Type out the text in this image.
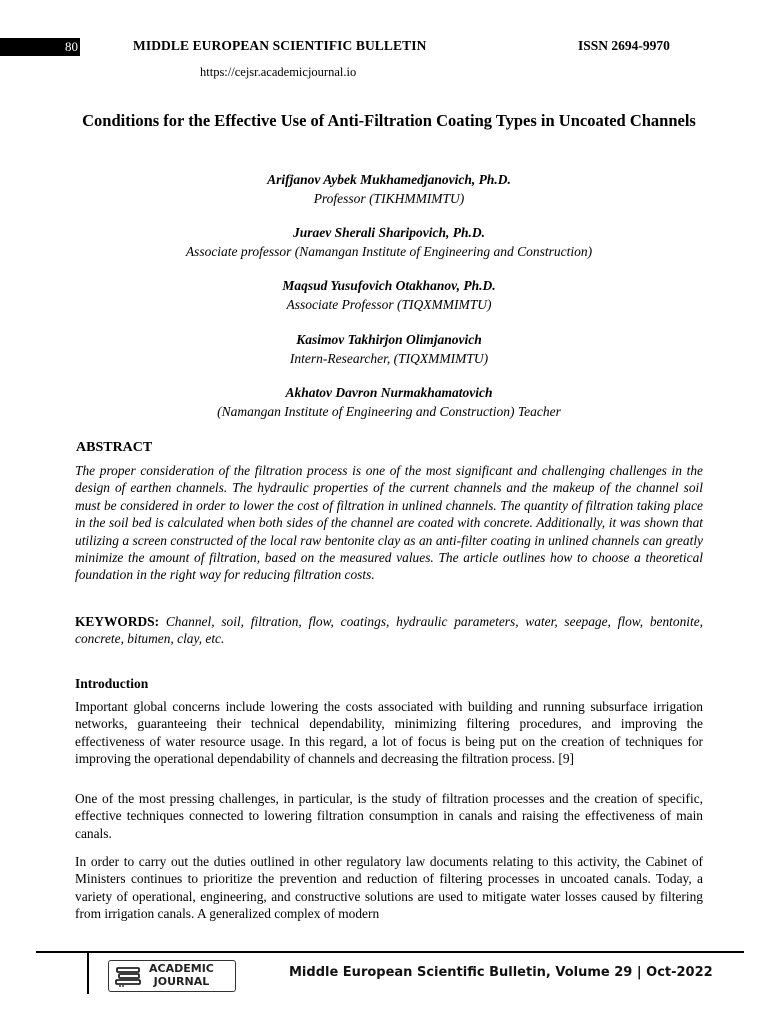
80	MIDDLE EUROPEAN SCIENTIFIC BULLETIN	ISSN 2694-9970
https://cejsr.academicjournal.io
Conditions for the Effective Use of Anti-Filtration Coating Types in Uncoated Channels
Arifjanov Aybek Mukhamedjanovich, Ph.D.
Professor (TIKHMMIMTU)
Juraev Sherali Sharipovich, Ph.D.
Associate professor (Namangan Institute of Engineering and Construction)
Maqsud Yusufovich Otakhanov, Ph.D.
Associate Professor (TIQXMMIMTU)
Kasimov Takhirjon Olimjanovich
Intern-Researcher, (TIQXMMIMTU)
Akhatov Davron Nurmakhamatovich
(Namangan Institute of Engineering and Construction) Teacher
ABSTRACT
The proper consideration of the filtration process is one of the most significant and challenging challenges in the design of earthen channels. The hydraulic properties of the current channels and the makeup of the channel soil must be considered in order to lower the cost of filtration in unlined channels. The quantity of filtration taking place in the soil bed is calculated when both sides of the channel are coated with concrete. Additionally, it was shown that utilizing a screen constructed of the local raw bentonite clay as an anti-filter coating in unlined channels can greatly minimize the amount of filtration, based on the measured values. The article outlines how to choose a theoretical foundation in the right way for reducing filtration costs.
KEYWORDS: Channel, soil, filtration, flow, coatings, hydraulic parameters, water, seepage, flow, bentonite, concrete, bitumen, clay, etc.
Introduction
Important global concerns include lowering the costs associated with building and running subsurface irrigation networks, guaranteeing their technical dependability, minimizing filtering procedures, and improving the effectiveness of water resource usage. In this regard, a lot of focus is being put on the creation of techniques for improving the operational dependability of channels and decreasing the filtration process. [9]
One of the most pressing challenges, in particular, is the study of filtration processes and the creation of specific, effective techniques connected to lowering filtration consumption in canals and raising the effectiveness of main canals.
In order to carry out the duties outlined in other regulatory law documents relating to this activity, the Cabinet of Ministers continues to prioritize the prevention and reduction of filtering processes in uncoated canals. Today, a variety of operational, engineering, and constructive solutions are used to mitigate water losses caused by filtering from irrigation canals. A generalized complex of modern
ACADEMIC
JOURNAL
Middle European Scientific Bulletin, Volume 29 | Oct-2022
